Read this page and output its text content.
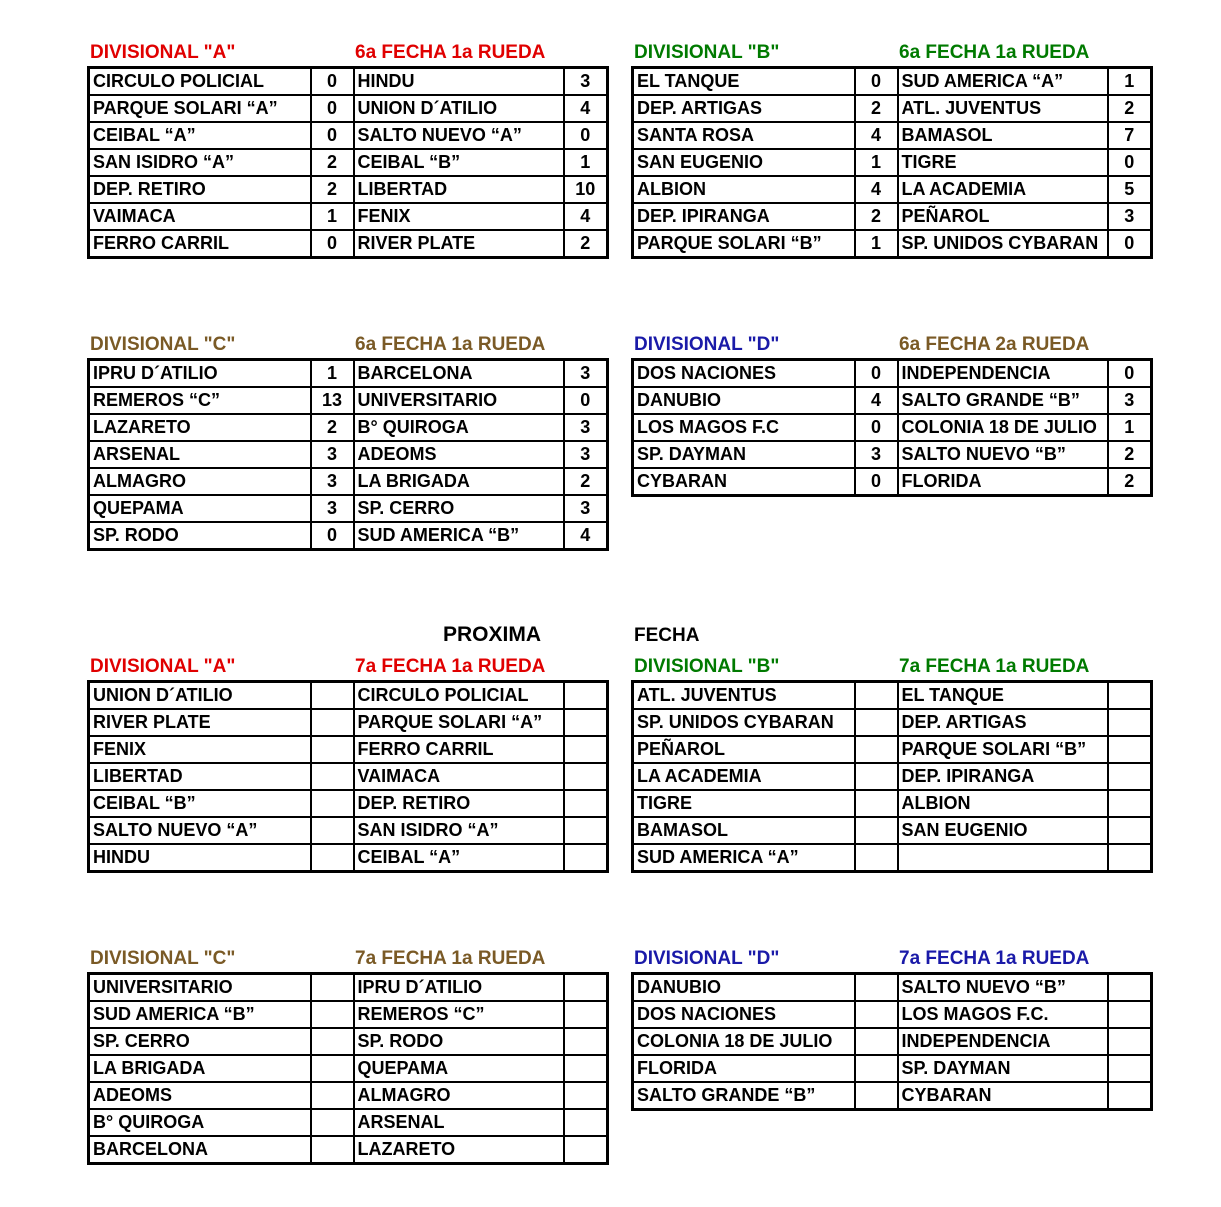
PROXIMA	FECHA
DIVISIONAL "A"	6a FECHA 1a RUEDA
CIRCULO POLICIAL	0	HINDU	3
PARQUE SOLARI “A”	0	UNION D´ATILIO	4
CEIBAL “A”	0	SALTO NUEVO “A”	0
SAN ISIDRO “A”	2	CEIBAL “B”	1
DEP. RETIRO	2	LIBERTAD	10
VAIMACA	1	FENIX	4
FERRO CARRIL	0	RIVER PLATE	2
DIVISIONAL "B"	6a FECHA 1a RUEDA
EL TANQUE	0	SUD AMERICA “A”	1
DEP. ARTIGAS	2	ATL. JUVENTUS	2
SANTA ROSA	4	BAMASOL	7
SAN EUGENIO	1	TIGRE	0
ALBION	4	LA ACADEMIA	5
DEP. IPIRANGA	2	PEÑAROL	3
PARQUE SOLARI “B”	1	SP. UNIDOS CYBARAN	0
DIVISIONAL "C"	6a FECHA 1a RUEDA
IPRU D´ATILIO	1	BARCELONA	3
REMEROS “C”	13	UNIVERSITARIO	0
LAZARETO	2	B° QUIROGA	3
ARSENAL	3	ADEOMS	3
ALMAGRO	3	LA BRIGADA	2
QUEPAMA	3	SP. CERRO	3
SP. RODO	0	SUD AMERICA “B”	4
DIVISIONAL "D"	6a FECHA 2a RUEDA
DOS NACIONES	0	INDEPENDENCIA	0
DANUBIO	4	SALTO GRANDE “B”	3
LOS MAGOS F.C	0	COLONIA 18 DE JULIO	1
SP. DAYMAN	3	SALTO NUEVO “B”	2
CYBARAN	0	FLORIDA	2
DIVISIONAL "A"	7a FECHA 1a RUEDA
UNION D´ATILIO		CIRCULO POLICIAL	
RIVER PLATE		PARQUE SOLARI “A”	
FENIX		FERRO CARRIL	
LIBERTAD		VAIMACA	
CEIBAL “B”		DEP. RETIRO	
SALTO NUEVO “A”		SAN ISIDRO “A”	
HINDU		CEIBAL “A”	
DIVISIONAL "B"	7a FECHA 1a RUEDA
ATL. JUVENTUS		EL TANQUE	
SP. UNIDOS CYBARAN		DEP. ARTIGAS	
PEÑAROL		PARQUE SOLARI “B”	
LA ACADEMIA		DEP. IPIRANGA	
TIGRE		ALBION	
BAMASOL		SAN EUGENIO	
SUD AMERICA “A”			
DIVISIONAL "C"	7a FECHA 1a RUEDA
UNIVERSITARIO		IPRU D´ATILIO	
SUD AMERICA “B”		REMEROS “C”	
SP. CERRO		SP. RODO	
LA BRIGADA		QUEPAMA	
ADEOMS		ALMAGRO	
B° QUIROGA		ARSENAL	
BARCELONA		LAZARETO	
DIVISIONAL "D"	7a FECHA 1a RUEDA
DANUBIO		SALTO NUEVO “B”	
DOS NACIONES		LOS MAGOS F.C.	
COLONIA 18 DE JULIO		INDEPENDENCIA	
FLORIDA		SP. DAYMAN	
SALTO GRANDE “B”		CYBARAN	
